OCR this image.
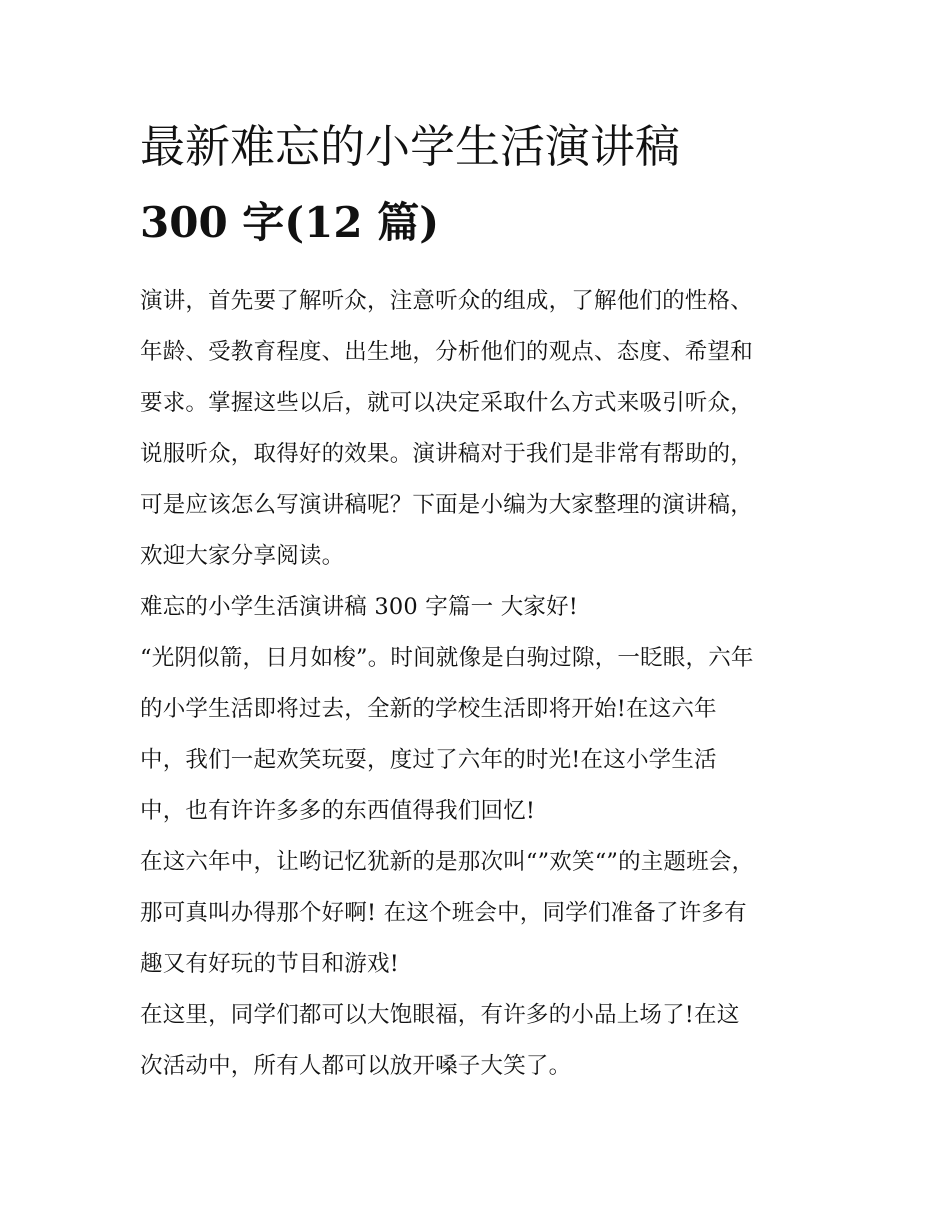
最新难忘的小学生活演讲稿
300 字(12 篇)

演讲，首先要了解听众，注意听众的组成，了解他们的性格、
年龄、受教育程度、出生地，分析他们的观点、态度、希望和
要求。掌握这些以后，就可以决定采取什么方式来吸引听众，
说服听众，取得好的效果。演讲稿对于我们是非常有帮助的，
可是应该怎么写演讲稿呢？下面是小编为大家整理的演讲稿，
欢迎大家分享阅读。

难忘的小学生活演讲稿 300 字篇一 大家好!

“光阴似箭，日月如梭”。时间就像是白驹过隙，一眨眼，六年
的小学生活即将过去，全新的学校生活即将开始!在这六年
中，我们一起欢笑玩耍，度过了六年的时光!在这小学生活
中，也有许许多多的东西值得我们回忆!

在这六年中，让哟记忆犹新的是那次叫“”欢笑“”的主题班会，
那可真叫办得那个好啊! 在这个班会中，同学们准备了许多有
趣又有好玩的节目和游戏!

在这里，同学们都可以大饱眼福，有许多的小品上场了!在这
次活动中，所有人都可以放开嗓子大笑了。
